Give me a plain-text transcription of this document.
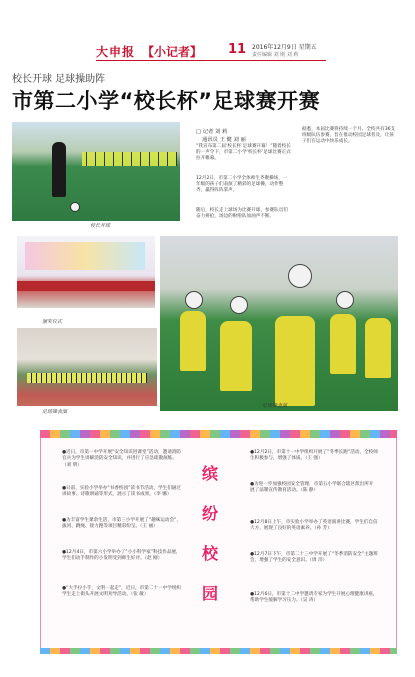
大申报 【小记者】 11 2016年12月9日 星期五
责任编辑 刘 刚 刘 莉
校长开球 足球操助阵
市第二小学“校长杯”足球赛开赛
校长开球
颁奖仪式
足球操表演
足球操表演
□ 记者 刘 莉
通讯员 王 健 刘 丽
“我宣布第二届‘校长杯’足球赛开幕！”随着校长的一声令下，市第二小学‘校长杯’足球比赛正式拉开帷幕。
12月2日，市第二小学全体师生齐聚操场，一年级的孩子们表演了精彩的足球操，动作整齐，赢得阵阵掌声。
随后，校长走上球场为比赛开球，参赛队员们奋力拼抢，场边的啦啦队加油声不断。
据悉，本届比赛将持续一个月，全校共有36支班级队伍参赛，旨在推动校园足球普及，让孩子们在运动中快乐成长。
缤纷校园
●近日，市第一中学开展“安全知识进课堂”活动，邀请消防官兵为学生讲解消防安全知识，并进行了应急疏散演练。（刘 明）
●日前，实验小学举办“书香校园”读书节活动，学生们通过讲故事、诗歌朗诵等形式，展示了读书成果。（李 娜）
●为丰富学生课余生活，市第三小学开展了“趣味运动会”，拔河、跳绳、接力跑等项目精彩纷呈。（王 丽）
●12月4日，市第六小学举办了“小小科学家”科技作品展，学生们动手制作的小发明受到师生好评。（赵 刚）
●“大手拉小手，文明一起走”，近日，市第二十一中学组织学生走上街头开展文明劝导活动。（张 敏）
●12月2日，市第十一中学组织开展了“冬季长跑”活动，全校师生积极参与，增强了体质。（王 强）
●为进一步加强校园安全管理，市第五小学联合辖区派出所开展了法制宣传教育活动。（陈 静）
●12月8日上午，市实验小学举办了英语演讲比赛，学生们自信大方，展现了良好的英语素养。（孙 芳）
●12月7日下午，市第二十三中学开展了“冬季消防安全”主题班会，增强了学生的安全意识。（周 洋）
●12月6日，市第十二中学邀请专家为学生开展心理健康讲座，帮助学生缓解学习压力。（吴 涛）
